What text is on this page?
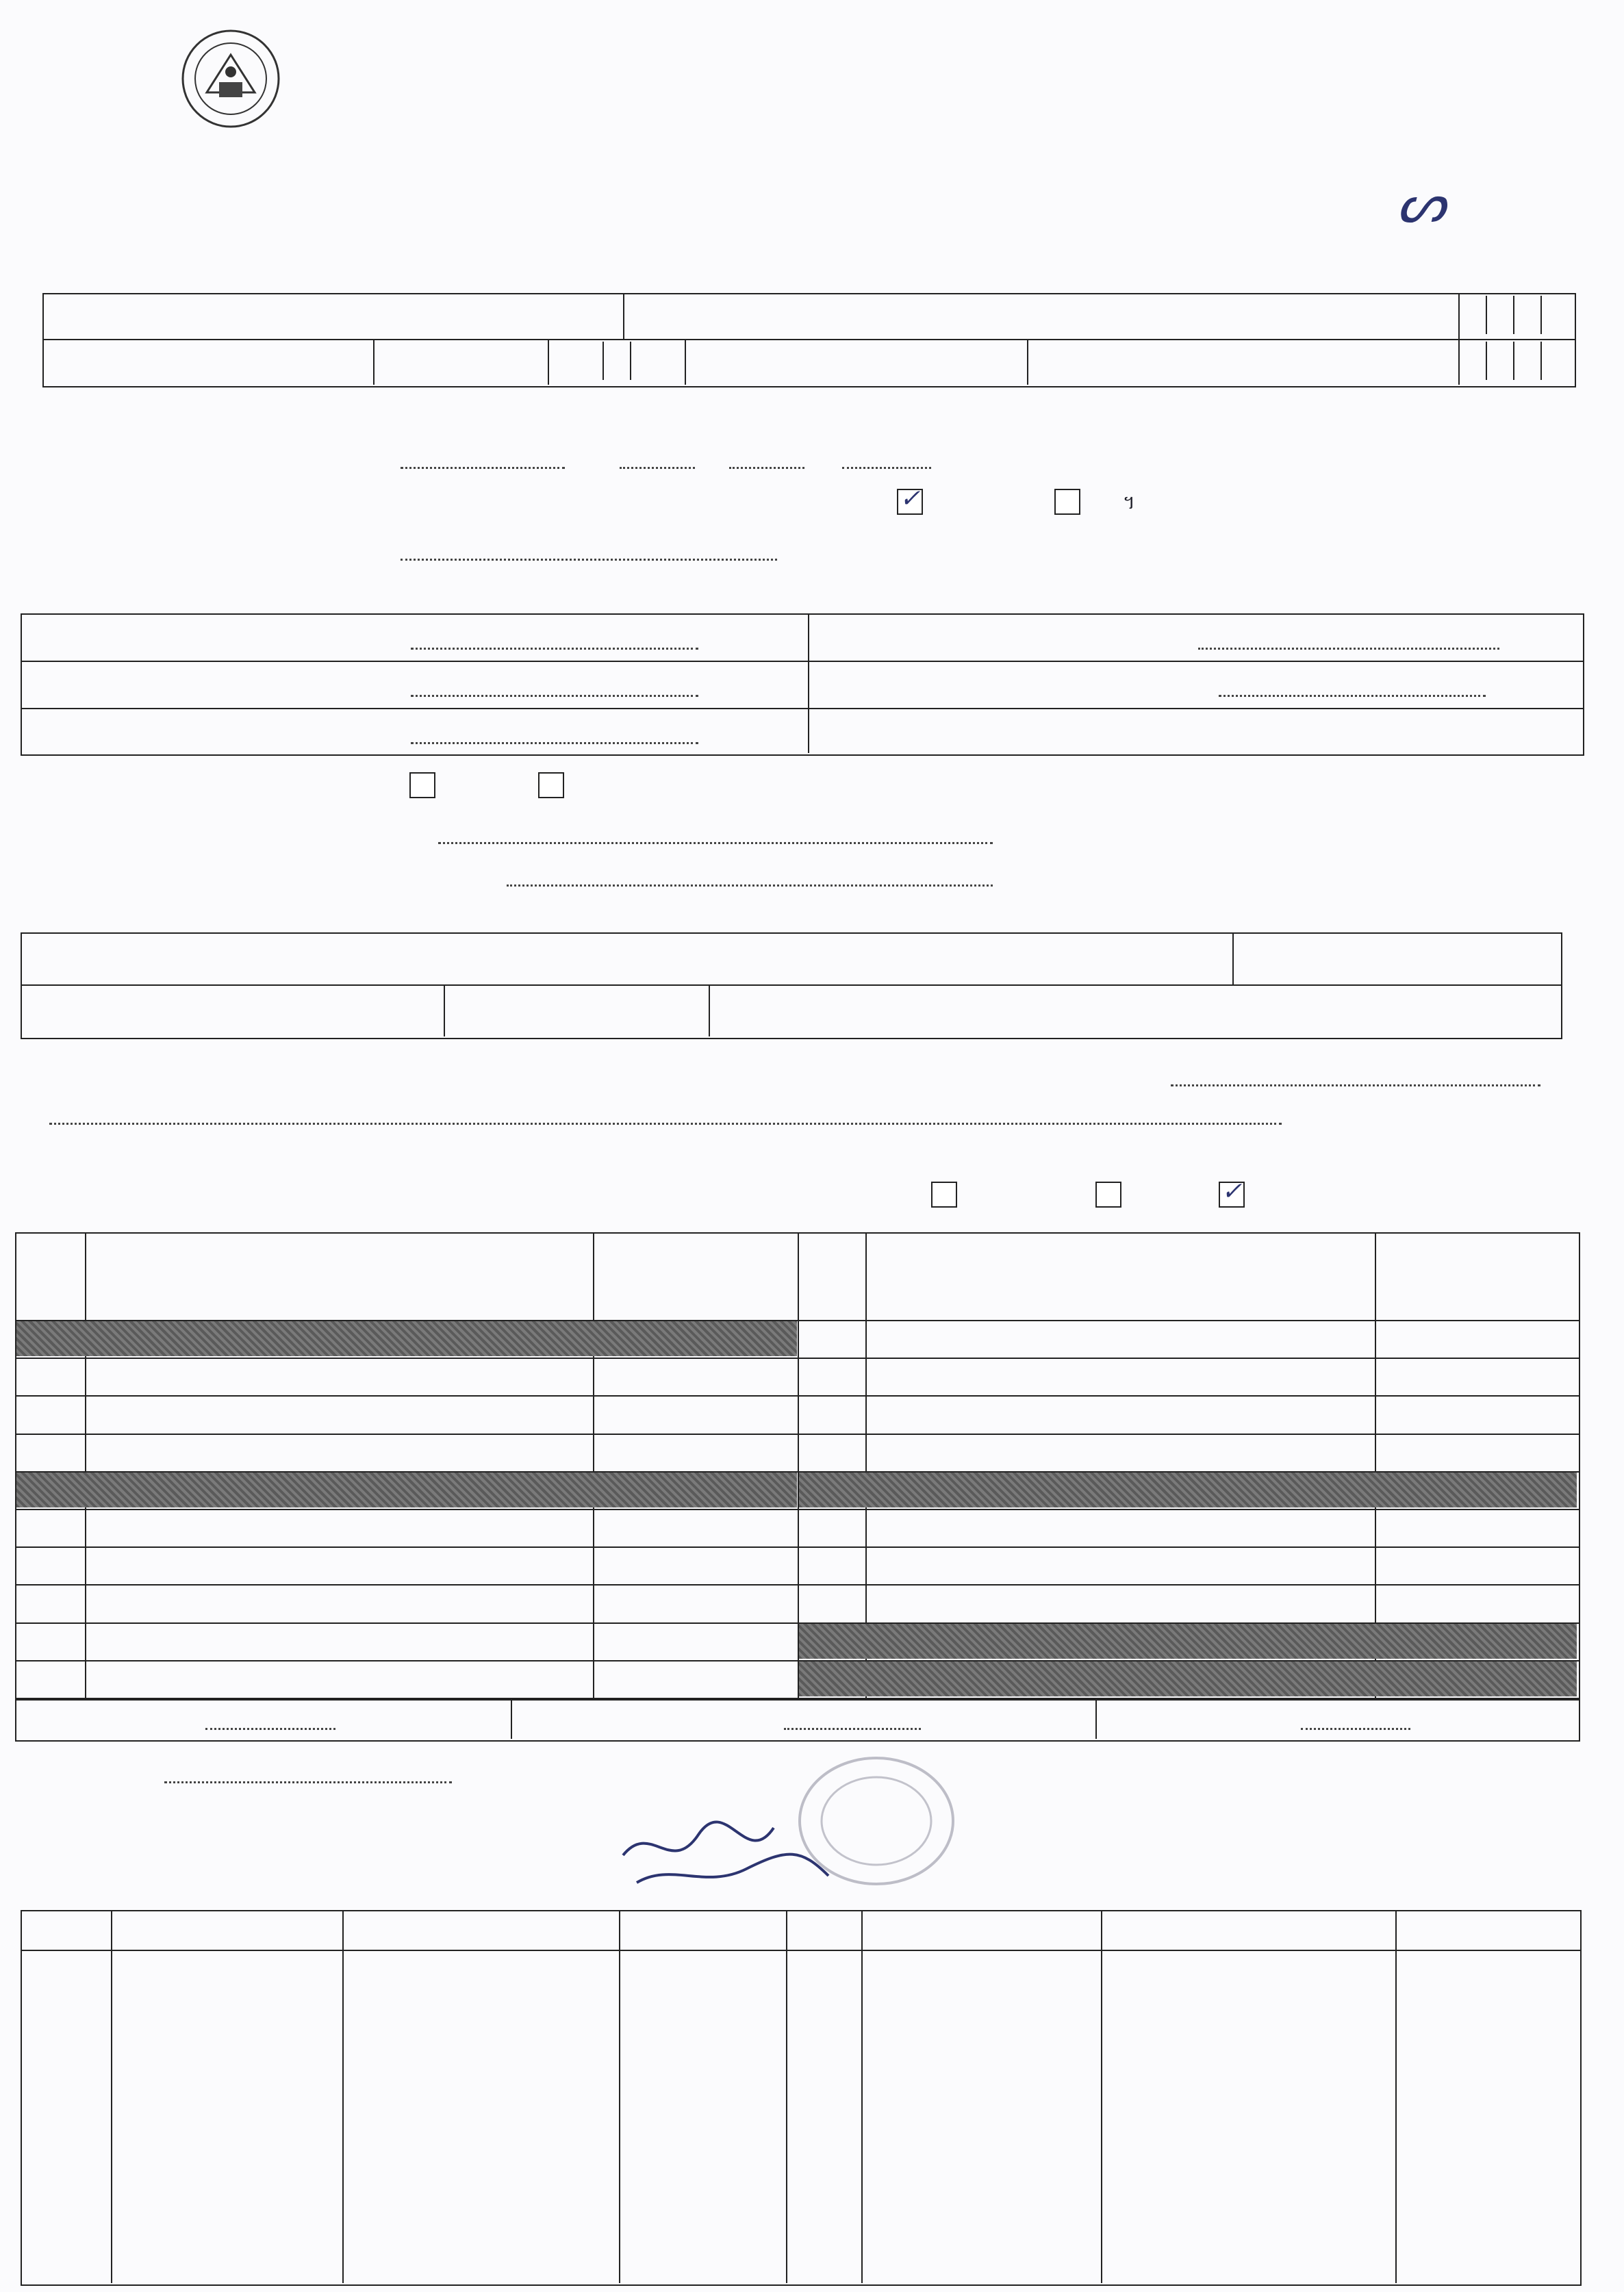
ᔕ
✓	។
✓
